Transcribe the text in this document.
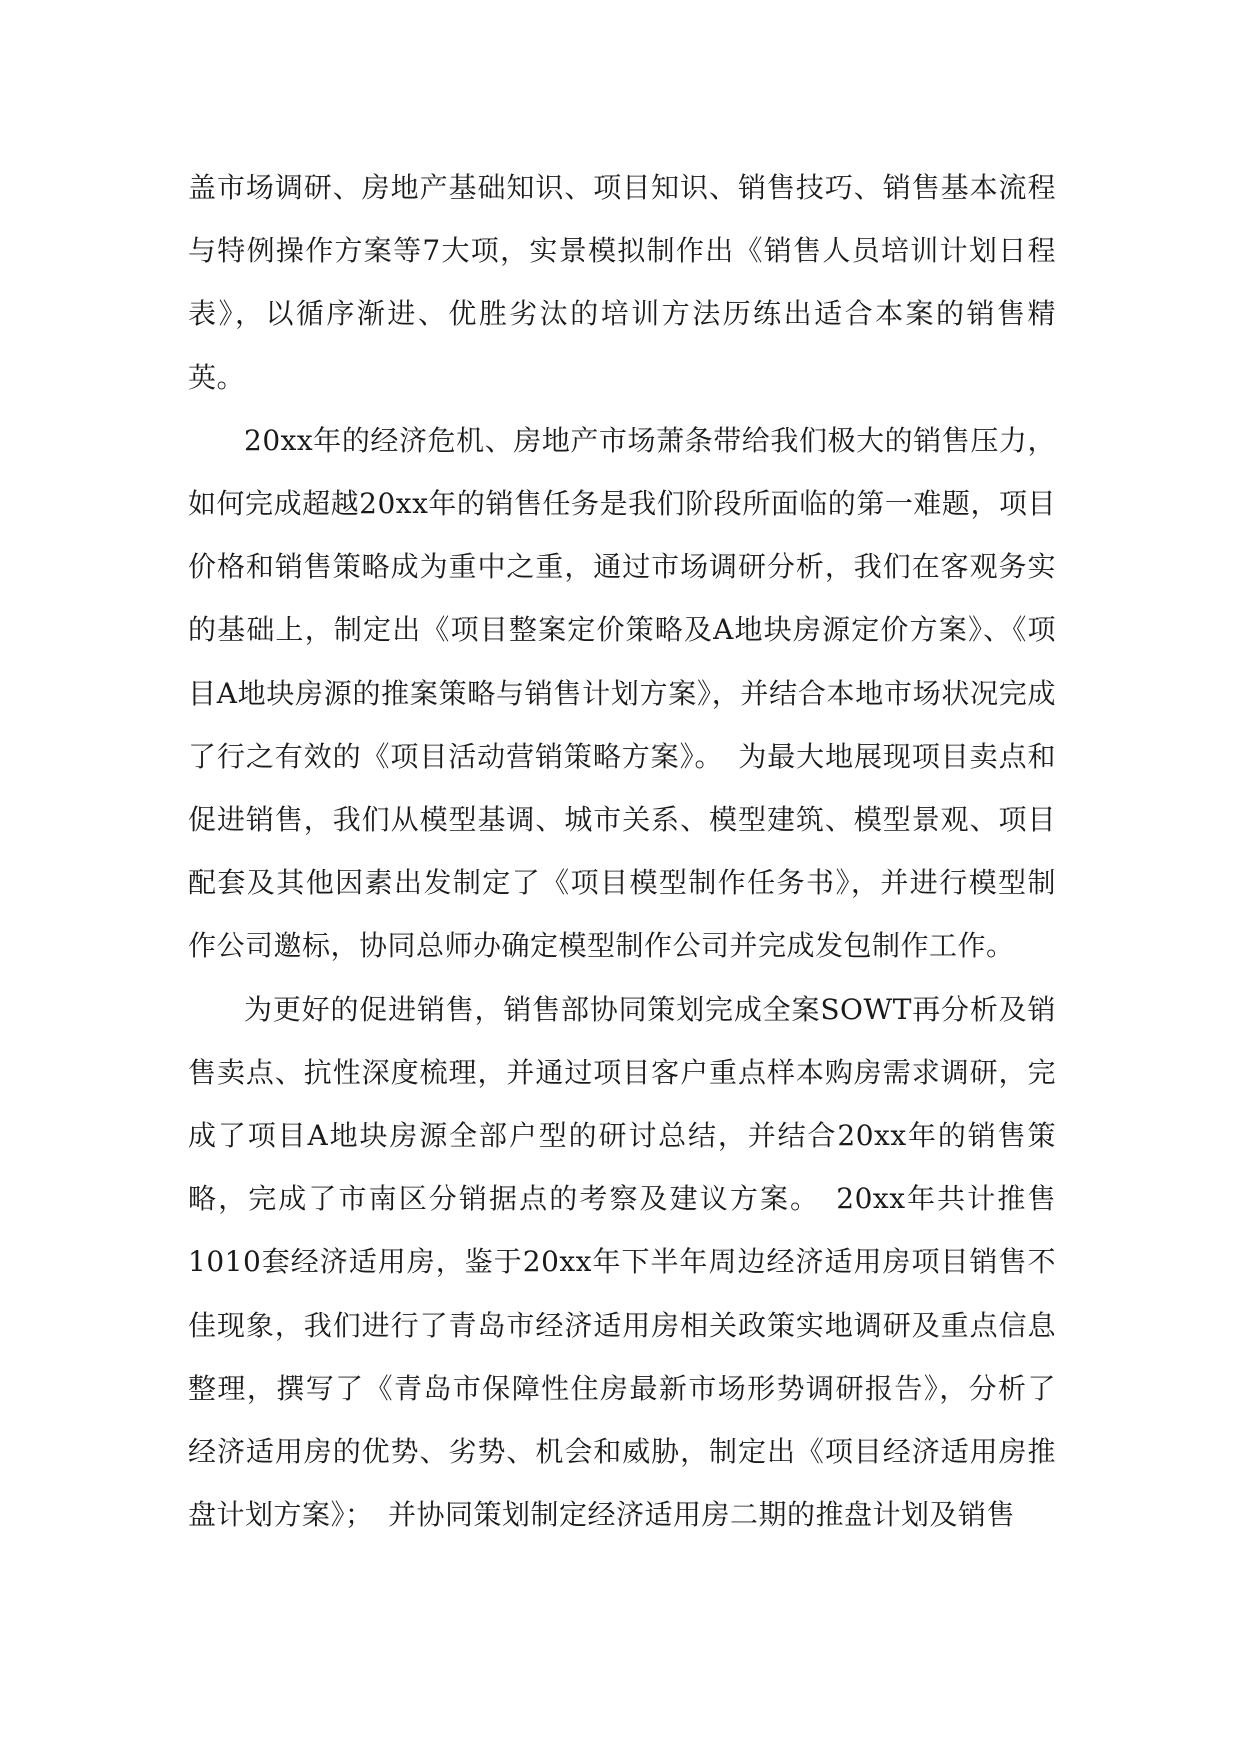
盖市场调研、房地产基础知识、项目知识、销售技巧、销售基本流程与特例操作方案等7大项，实景模拟制作出《销售人员培训计划日程表》，以循序渐进、优胜劣汰的培训方法历练出适合本案的销售精英。

20xx年的经济危机、房地产市场萧条带给我们极大的销售压力，如何完成超越20xx年的销售任务是我们阶段所面临的第一难题，项目价格和销售策略成为重中之重，通过市场调研分析，我们在客观务实的基础上，制定出《项目整案定价策略及A地块房源定价方案》、《项目A地块房源的推案策略与销售计划方案》，并结合本地市场状况完成了行之有效的《项目活动营销策略方案》。　为最大地展现项目卖点和促进销售，我们从模型基调、城市关系、模型建筑、模型景观、项目配套及其他因素出发制定了《项目模型制作任务书》，并进行模型制作公司邀标，协同总师办确定模型制作公司并完成发包制作工作。

为更好的促进销售，销售部协同策划完成全案SOWT再分析及销售卖点、抗性深度梳理，并通过项目客户重点样本购房需求调研，完成了项目A地块房源全部户型的研讨总结，并结合20xx年的销售策略，完成了市南区分销据点的考察及建议方案。　20xx年共计推售1010套经济适用房，鉴于20xx年下半年周边经济适用房项目销售不佳现象，我们进行了青岛市经济适用房相关政策实地调研及重点信息整理，撰写了《青岛市保障性住房最新市场形势调研报告》，分析了经济适用房的优势、劣势、机会和威胁，制定出《项目经济适用房推盘计划方案》；　并协同策划制定经济适用房二期的推盘计划及销售
